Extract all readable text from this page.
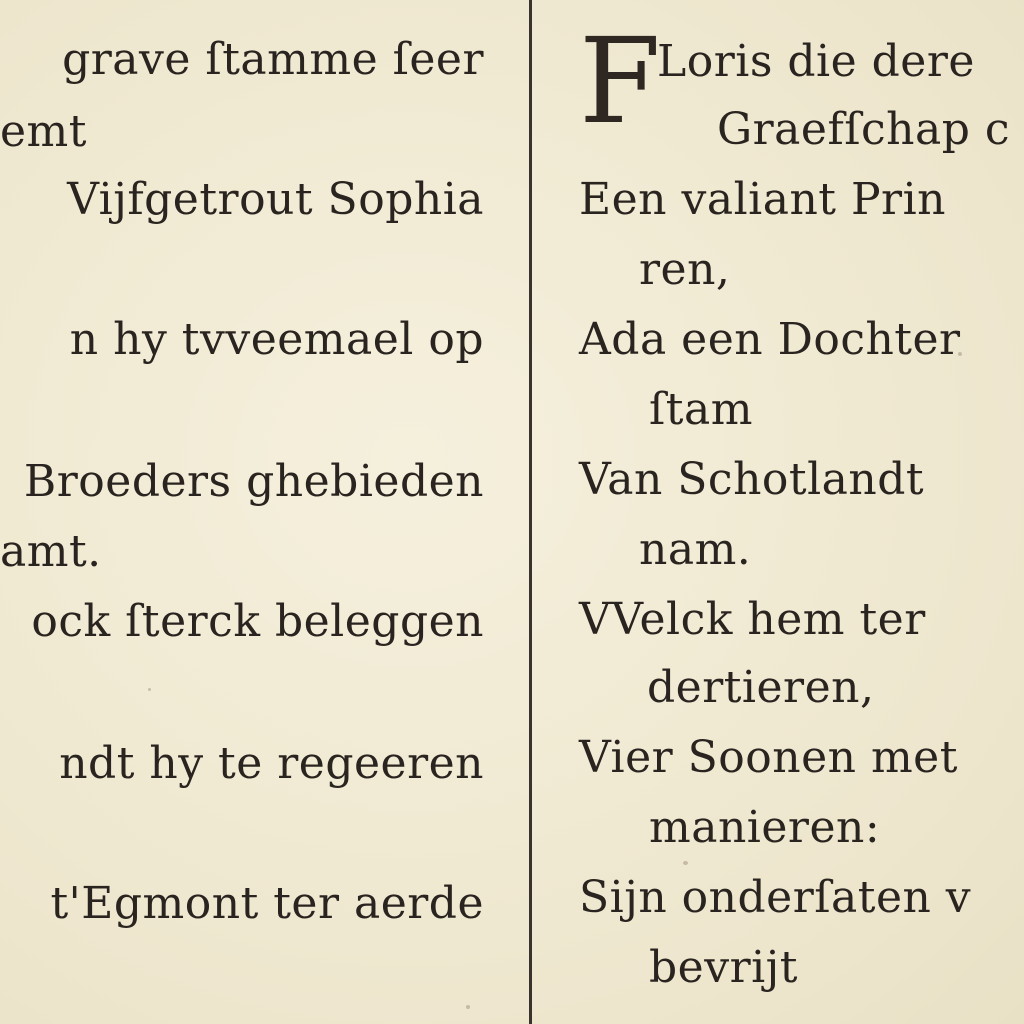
grave ſtamme ſeer
emt
Vijfgetrout Sophia
n hy tvveemael op
Broeders ghebieden
amt.
ock ſterck beleggen
ndt hy te regeeren
t'Egmont ter aerde
F
Loris die dere
Graefſchap c
Een valiant Prin
ren,
Ada een Dochter
ſtam
Van Schotlandt
nam.
VVelck hem ter
dertieren,
Vier Soonen met
manieren:
Sijn onderſaten v
bevrijt
